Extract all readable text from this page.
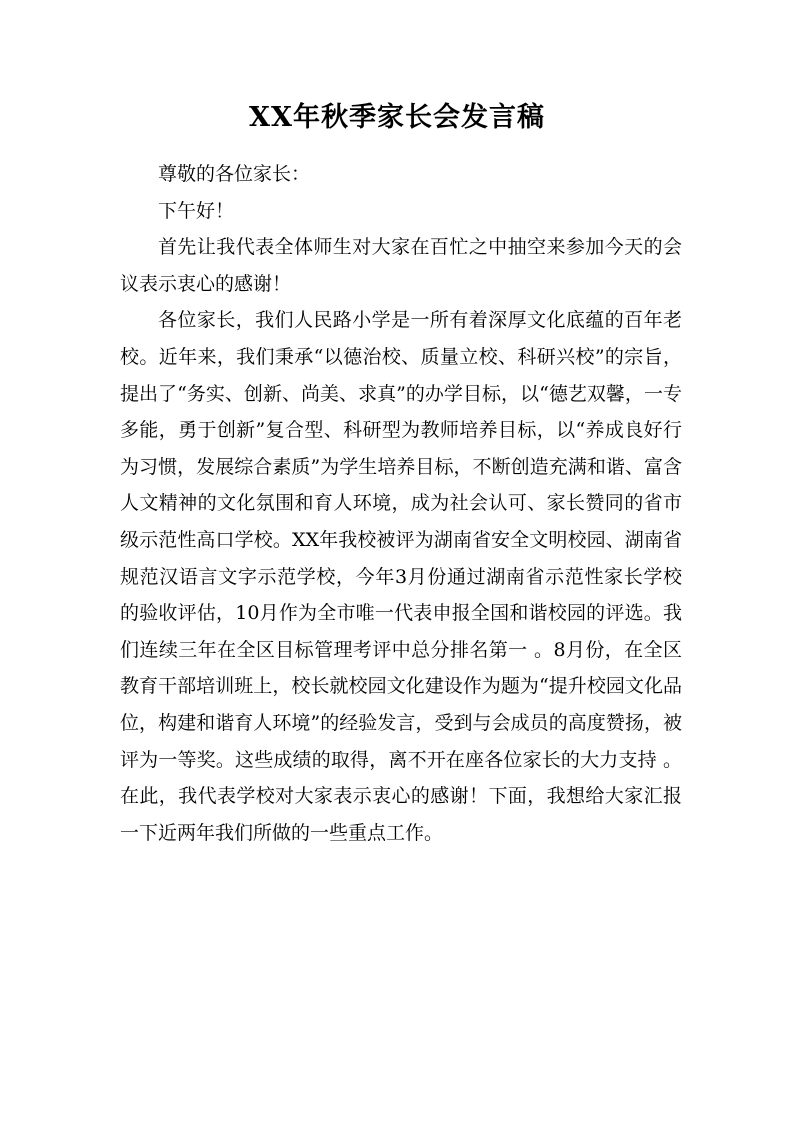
XX年秋季家长会发言稿

尊敬的各位家长：

下午好！

首先让我代表全体师生对大家在百忙之中抽空来参加今天的会议表示衷心的感谢！

各位家长，我们人民路小学是一所有着深厚文化底蕴的百年老校。近年来，我们秉承“以德治校、质量立校、科研兴校”的宗旨，提出了“务实、创新、尚美、求真”的办学目标，以“德艺双馨，一专多能，勇于创新”复合型、科研型为教师培养目标，以“养成良好行为习惯，发展综合素质”为学生培养目标，不断创造充满和谐、富含人文精神的文化氛围和育人环境，成为社会认可、家长赞同的省市级示范性高口学校。XX年我校被评为湖南省安全文明校园、湖南省规范汉语言文字示范学校，今年3月份通过湖南省示范性家长学校的验收评估，10月作为全市唯一代表申报全国和谐校园的评选。我们连续三年在全区目标管理考评中总分排名第一 。8月份，在全区教育干部培训班上，校长就校园文化建设作为题为“提升校园文化品位，构建和谐育人环境”的经验发言，受到与会成员的高度赞扬，被评为一等奖。这些成绩的取得，离不开在座各位家长的大力支持 。在此，我代表学校对大家表示衷心的感谢！下面，我想给大家汇报一下近两年我们所做的一些重点工作。
